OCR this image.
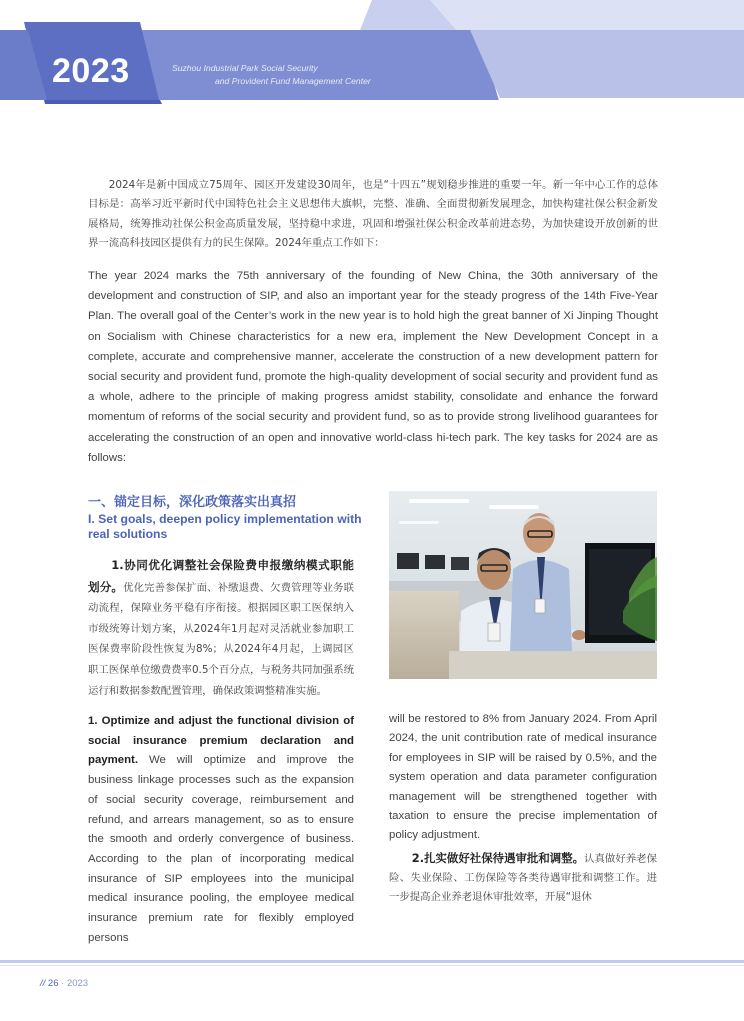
2023	Suzhou Industrial Park Social Security
and Provident Fund Management Center

2024年是新中国成立75周年、园区开发建设30周年，也是“十四五”规划稳步推进的重要一年。新一年中心工作的总体目标是：高举习近平新时代中国特色社会主义思想伟大旗帜，完整、准确、全面贯彻新发展理念，加快构建社保公积金新发展格局，统筹推动社保公积金高质量发展，坚持稳中求进，巩固和增强社保公积金改革前进态势，为加快建设开放创新的世界一流高科技园区提供有力的民生保障。2024年重点工作如下：

The year 2024 marks the 75th anniversary of the founding of New China, the 30th anniversary of the development and construction of SIP, and also an important year for the steady progress of the 14th Five-Year Plan. The overall goal of the Center’s work in the new year is to hold high the great banner of Xi Jinping Thought on Socialism with Chinese characteristics for a new era, implement the New Development Concept in a complete, accurate and comprehensive manner, accelerate the construction of a new development pattern for social security and provident fund, promote the high-quality development of social security and provident fund as a whole, adhere to the principle of making progress amidst stability, consolidate and enhance the forward momentum of reforms of the social security and provident fund, so as to provide strong livelihood guarantees for accelerating the construction of an open and innovative world-class hi-tech park. The key tasks for 2024 are as follows:

一、锚定目标，深化政策落实出真招
I. Set goals, deepen policy implementation with real solutions

1.协同优化调整社会保险费申报缴纳模式职能划分。优化完善参保扩面、补缴退费、欠费管理等业务联动流程，保障业务平稳有序衔接。根据园区职工医保纳入市级统筹计划方案，从2024年1月起对灵活就业参加职工医保费率阶段性恢复为8%；从2024年4月起，上调园区职工医保单位缴费费率0.5个百分点，与税务共同加强系统运行和数据参数配置管理，确保政策调整精准实施。

1. Optimize and adjust the functional division of social insurance premium declaration and payment. We will optimize and improve the business linkage processes such as the expansion of social security coverage, reimbursement and refund, and arrears management, so as to ensure the smooth and orderly convergence of business. According to the plan of incorporating medical insurance of SIP employees into the municipal medical insurance pooling, the employee medical insurance premium rate for flexibly employed persons

will be restored to 8% from January 2024. From April 2024, the unit contribution rate of medical insurance for employees in SIP will be raised by 0.5%, and the system operation and data parameter configuration management will be strengthened together with taxation to ensure the precise implementation of policy adjustment.

2.扎实做好社保待遇审批和调整。认真做好养老保险、失业保险、工伤保险等各类待遇审批和调整工作。进一步提高企业养老退休审批效率，开展“退休

// 26 · 2023
